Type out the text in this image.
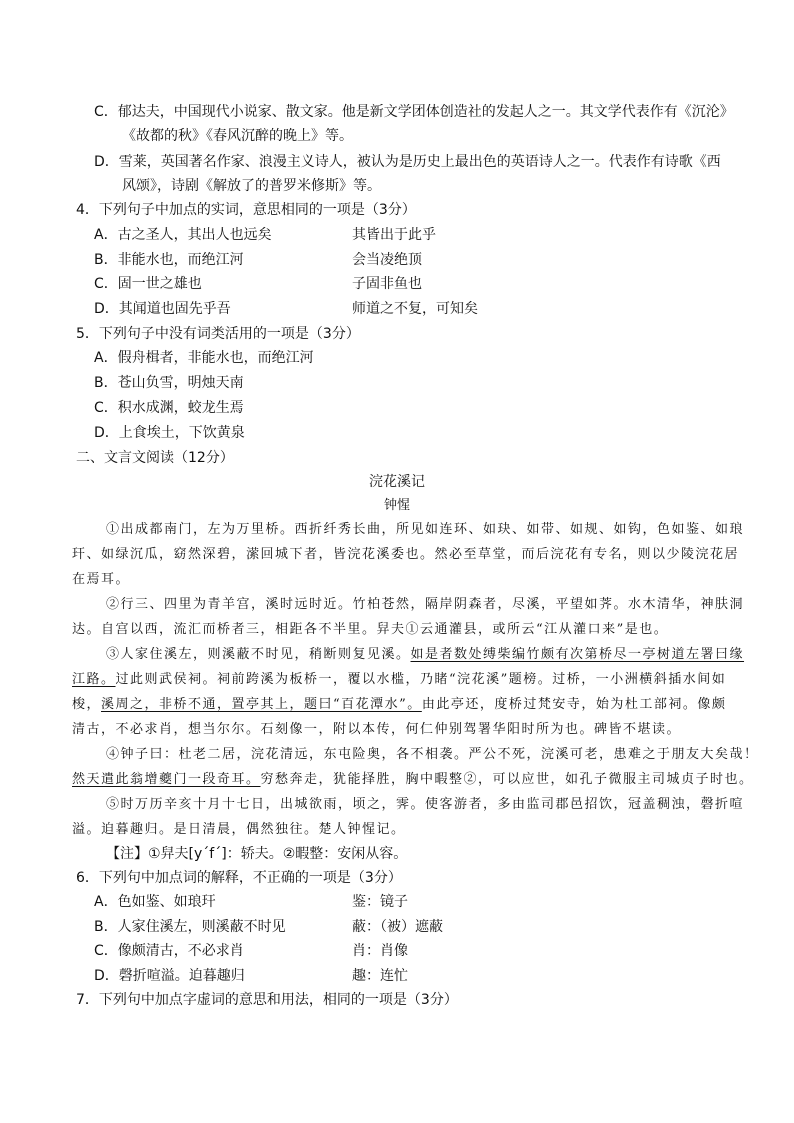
C．郁达夫，中国现代小说家、散文家。他是新文学团体创造社的发起人之一。其文学代表作有《沉沦》
《故都的秋》《春风沉醉的晚上》等。
D．雪莱，英国著名作家、浪漫主义诗人，被认为是历史上最出色的英语诗人之一。代表作有诗歌《西
风颂》，诗剧《解放了的普罗米修斯》等。
4．下列句子中加点的实词，意思相同的一项是（3分）
A．古之圣人，其出人也远矣	其皆出于此乎
B．非能水也，而绝江河	会当凌绝顶
C．固一世之雄也	子固非鱼也
D．其闻道也固先乎吾	师道之不复，可知矣
5．下列句子中没有词类活用的一项是（3分）
A．假舟楫者，非能水也，而绝江河
B．苍山负雪，明烛天南
C．积水成渊，蛟龙生焉
D．上食埃土，下饮黄泉
二、文言文阅读（12分）
浣花溪记
钟惺
①出成都南门，左为万里桥。西折纤秀长曲，所见如连环、如玦、如带、如规、如钩，色如鉴、如琅
玕、如绿沉瓜，窈然深碧，潆回城下者，皆浣花溪委也。然必至草堂，而后浣花有专名，则以少陵浣花居
在焉耳。
②行三、四里为青羊宫，溪时远时近。竹柏苍然，隔岸阴森者，尽溪，平望如荠。水木清华，神肤洞
达。自宫以西，流汇而桥者三，相距各不半里。舁夫①云通灌县，或所云“江从灌口来”是也。
③人家住溪左，则溪蔽不时见，稍断则复见溪。如是者数处缚柴编竹颇有次第桥尽一亭树道左署曰缘
江路。过此则武侯祠。祠前跨溪为板桥一，覆以水槛，乃睹“浣花溪”题榜。过桥，一小洲横斜插水间如
梭，溪周之，非桥不通，置亭其上，题曰“百花潭水”。由此亭还，度桥过梵安寺，始为杜工部祠。像颇
清古，不必求肖，想当尔尔。石刻像一，附以本传，何仁仲别驾署华阳时所为也。碑皆不堪读。
④钟子曰：杜老二居，浣花清远，东屯险奥，各不相袭。严公不死，浣溪可老，患难之于朋友大矣哉！
然天遣此翁增夔门一段奇耳。穷愁奔走，犹能择胜，胸中暇整②，可以应世，如孔子微服主司城贞子时也。
⑤时万历辛亥十月十七日，出城欲雨，顷之，霁。使客游者，多由监司郡邑招饮，冠盖稠浊，磬折喧
溢。迫暮趣归。是日清晨，偶然独往。楚人钟惺记。
【注】①舁夫[yˊfˊ]：轿夫。②暇整：安闲从容。
6．下列句中加点词的解释，不正确的一项是（3分）
A．色如鉴、如琅玕	鉴：镜子
B．人家住溪左，则溪蔽不时见	蔽：（被）遮蔽
C．像颇清古，不必求肖	肖：肖像
D．磬折喧溢。迫暮趣归	趣：连忙
7．下列句中加点字虚词的意思和用法，相同的一项是（3分）
